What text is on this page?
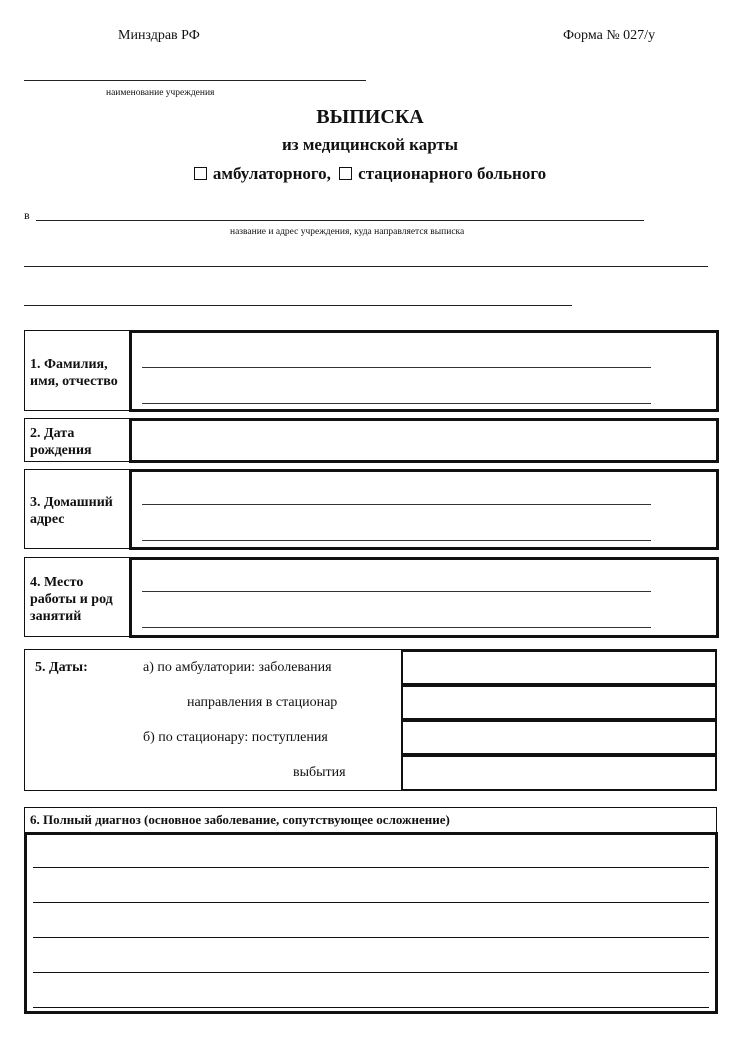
Минздрав РФ	Форма № 027/у
наименование учреждения
ВЫПИСКА
из медицинской карты
амбулаторного, стационарного больного
в
название и адрес учреждения, куда направляется выписка
1. Фамилия, имя, отчество
2. Дата рождения
3. Домашний адрес
4. Место работы и род занятий
5. Даты:	а) по амбулатории: заболевания
направления в стационар
б) по стационару: поступления
выбытия
6. Полный диагноз (основное заболевание, сопутствующее осложнение)
